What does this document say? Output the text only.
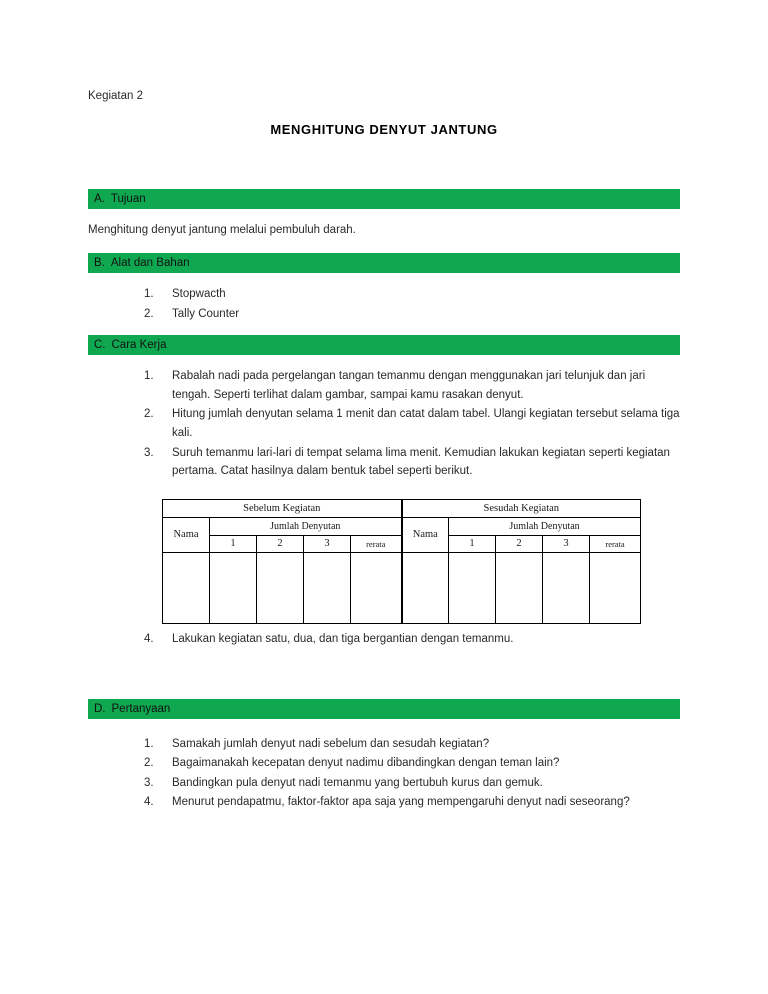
Kegiatan 2

MENGHITUNG DENYUT JANTUNG
A. Tujuan

Menghitung denyut jantung melalui pembuluh darah.

B. Alat dan Bahan
Stopwacth
Tally Counter
C. Cara Kerja
Rabalah nadi pada pergelangan tangan temanmu dengan menggunakan jari telunjuk dan jari tengah. Seperti terlihat dalam gambar, sampai kamu rasakan denyut.
Hitung jumlah denyutan selama 1 menit dan catat dalam tabel. Ulangi kegiatan tersebut selama tiga kali.
Suruh temanmu lari-lari di tempat selama lima menit. Kemudian lakukan kegiatan seperti kegiatan pertama. Catat hasilnya dalam bentuk tabel seperti berikut.
Sebelum Kegiatan					Sesudah Kegiatan				
Nama	Jumlah Denyutan				Nama	Jumlah Denyutan			
	1	2	3	rerata		1	2	3	rerata

Lakukan kegiatan satu, dua, dan tiga bergantian dengan temanmu.
D. Pertanyaan
Samakah jumlah denyut nadi sebelum dan sesudah kegiatan?
Bagaimanakah kecepatan denyut nadimu dibandingkan dengan teman lain?
Bandingkan pula denyut nadi temanmu yang bertubuh kurus dan gemuk.
Menurut pendapatmu, faktor-faktor apa saja yang mempengaruhi denyut nadi seseorang?
